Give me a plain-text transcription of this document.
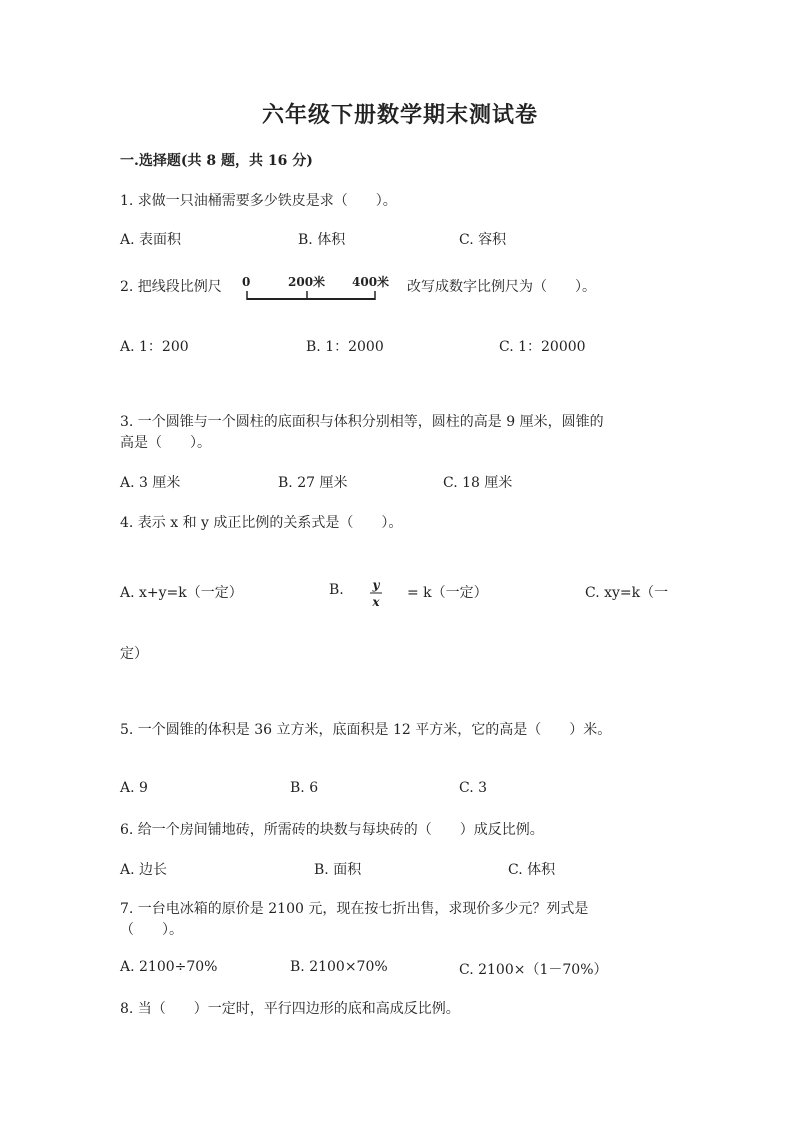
六年级下册数学期末测试卷
一.选择题(共 8 题，共 16 分)
1. 求做一只油桶需要多少铁皮是求（　　）。
A. 表面积	B. 体积	C. 容积
2. 把线段比例尺 0	200米 400米 改写成数字比例尺为（　　）。
A. 1：200	B. 1：2000	C. 1：20000
3. 一个圆锥与一个圆柱的底面积与体积分别相等，圆柱的高是 9 厘米，圆锥的
高是（　　）。
A. 3 厘米	B. 27 厘米	C. 18 厘米
4. 表示 x 和 y 成正比例的关系式是（　　）。
A. x+y=k（一定）	B. y
x
= k（一定）	C. xy=k（一
定）
5. 一个圆锥的体积是 36 立方米，底面积是 12 平方米，它的高是（　　）米。
A. 9	B. 6	C. 3
6. 给一个房间铺地砖，所需砖的块数与每块砖的（　　）成反比例。
A. 边长	B. 面积	C. 体积
7. 一台电冰箱的原价是 2100 元，现在按七折出售，求现价多少元？列式是
（　　）。
A. 2100÷70%	B. 2100×70%	C. 2100×（1－70%）
8. 当（　　）一定时，平行四边形的底和高成反比例。
